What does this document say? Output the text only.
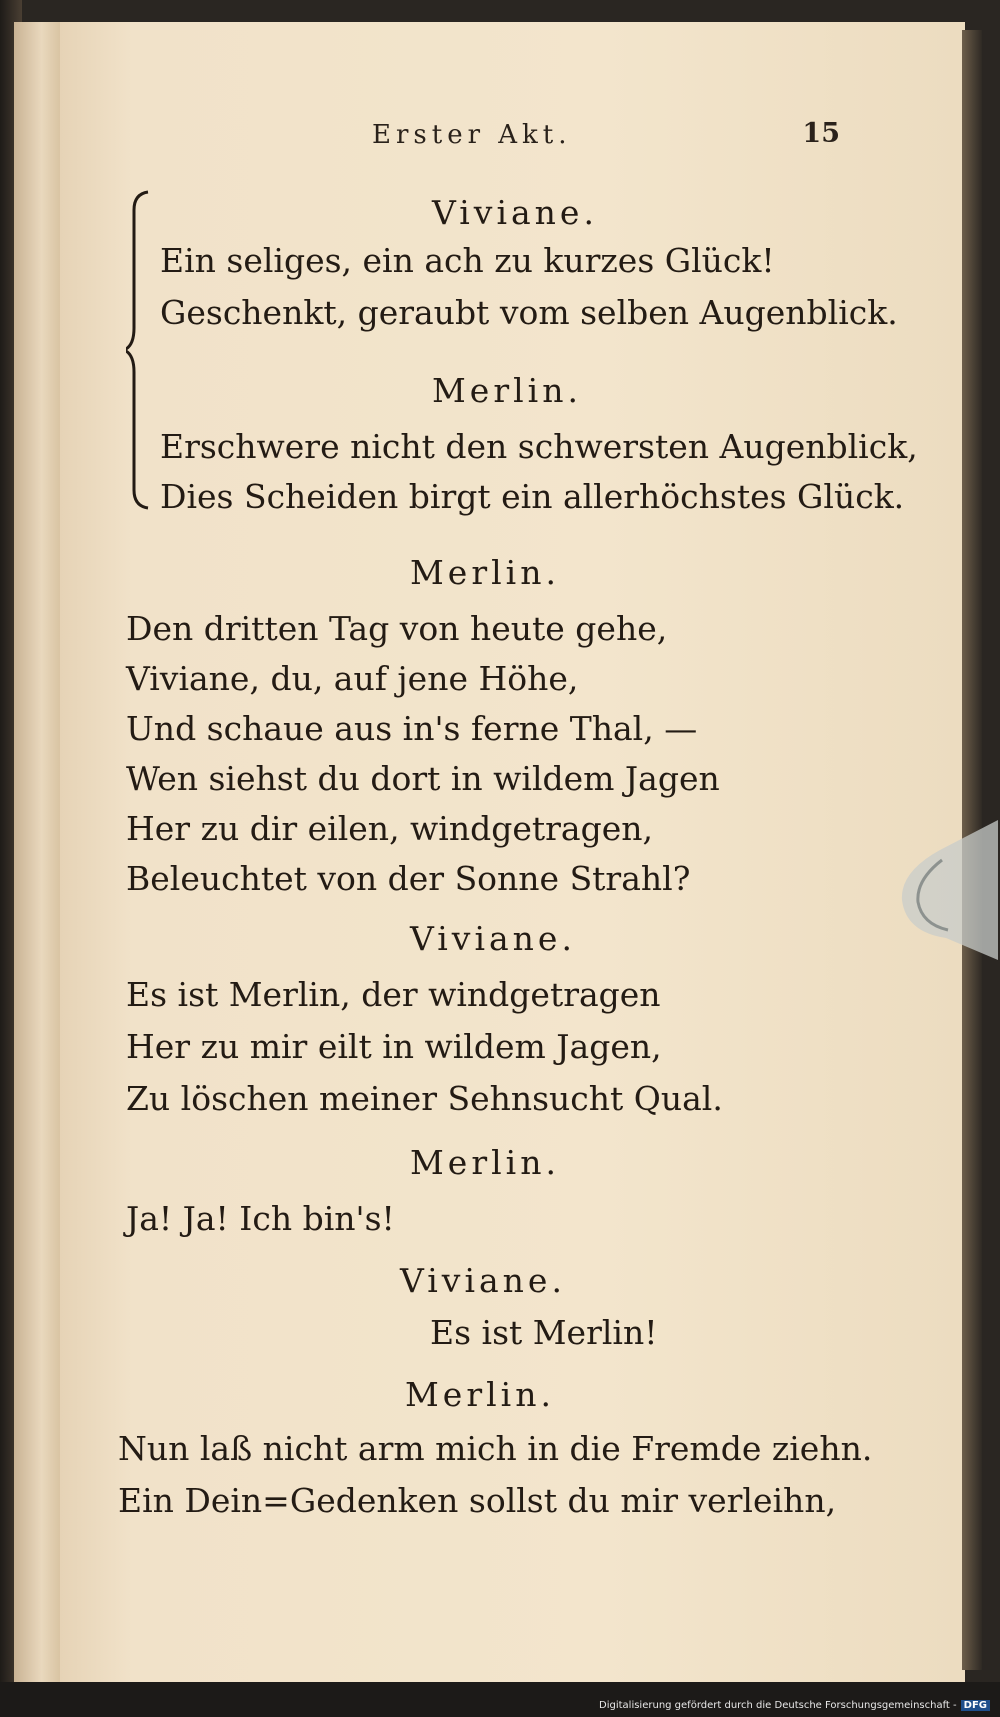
Erster Akt.	15
Viviane.
Ein seliges, ein ach zu kurzes Glück!
Geschenkt, geraubt vom selben Augenblick.
Merlin.
Erschwere nicht den schwersten Augenblick,
Dies Scheiden birgt ein allerhöchstes Glück.
Merlin.
Den dritten Tag von heute gehe,
Viviane, du, auf jene Höhe,
Und schaue aus in's ferne Thal, —
Wen siehst du dort in wildem Jagen
Her zu dir eilen, windgetragen,
Beleuchtet von der Sonne Strahl?
Viviane.
Es ist Merlin, der windgetragen
Her zu mir eilt in wildem Jagen,
Zu löschen meiner Sehnsucht Qual.
Merlin.
Ja! Ja! Ich bin's!
Viviane.
Es ist Merlin!
Merlin.
Nun laß nicht arm mich in die Fremde ziehn.
Ein Dein=Gedenken sollst du mir verleihn,
Digitalisierung gefördert durch die Deutsche Forschungsgemeinschaft - DFG
